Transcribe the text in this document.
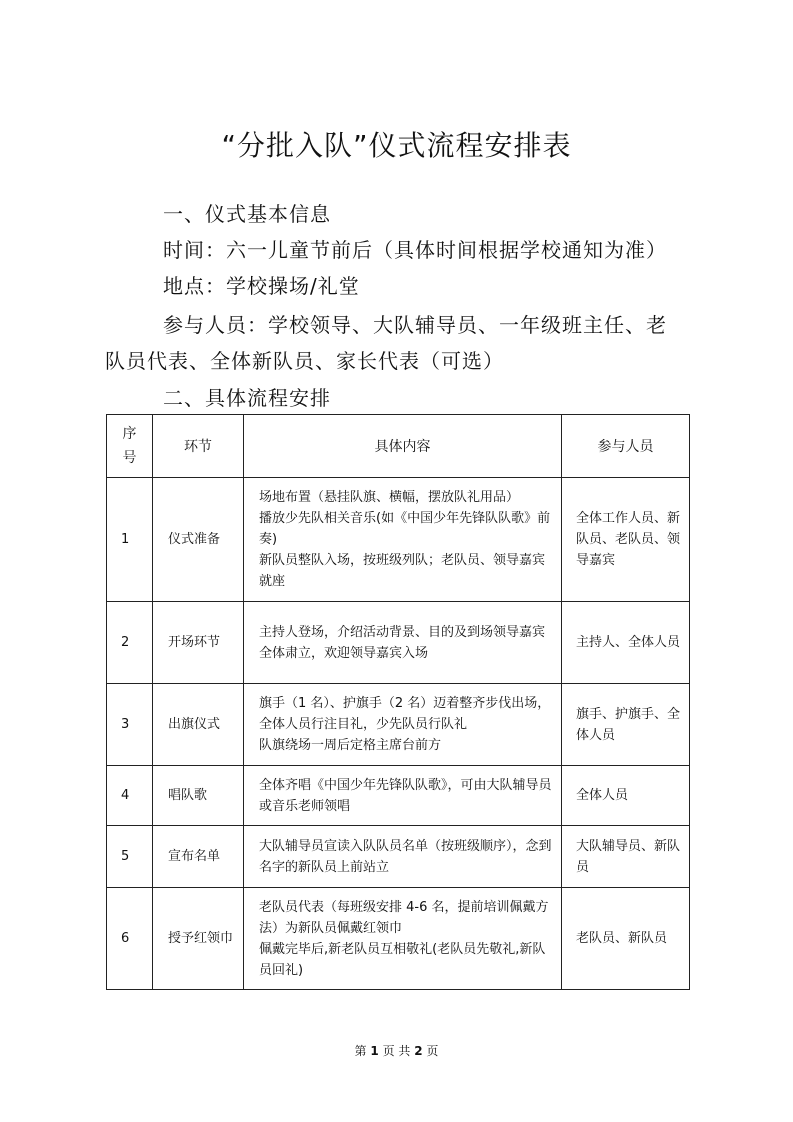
“分批入队”仪式流程安排表
一、仪式基本信息
时间：六一儿童节前后（具体时间根据学校通知为准）
地点：学校操场/礼堂
参与人员：学校领导、大队辅导员、一年级班主任、老
队员代表、全体新队员、家长代表（可选）
二、具体流程安排
序号	环节	具体内容	参与人员
1	仪式准备	场地布置（悬挂队旗、横幅，摆放队礼用品）
播放少先队相关音乐(如《中国少年先锋队队歌》前奏)
新队员整队入场，按班级列队；老队员、领导嘉宾就座	全体工作人员、新队员、老队员、领导嘉宾
2	开场环节	主持人登场，介绍活动背景、目的及到场领导嘉宾
全体肃立，欢迎领导嘉宾入场	主持人、全体人员
3	出旗仪式	旗手（1 名）、护旗手（2 名）迈着整齐步伐出场，全体人员行注目礼，少先队员行队礼
队旗绕场一周后定格主席台前方	旗手、护旗手、全体人员
4	唱队歌	全体齐唱《中国少年先锋队队歌》，可由大队辅导员或音乐老师领唱	全体人员
5	宣布名单	大队辅导员宣读入队队员名单（按班级顺序），念到名字的新队员上前站立	大队辅导员、新队员
6	授予红领巾	老队员代表（每班级安排 4-6 名，提前培训佩戴方法）为新队员佩戴红领巾
佩戴完毕后,新老队员互相敬礼(老队员先敬礼,新队员回礼)	老队员、新队员
第 1 页 共 2 页
